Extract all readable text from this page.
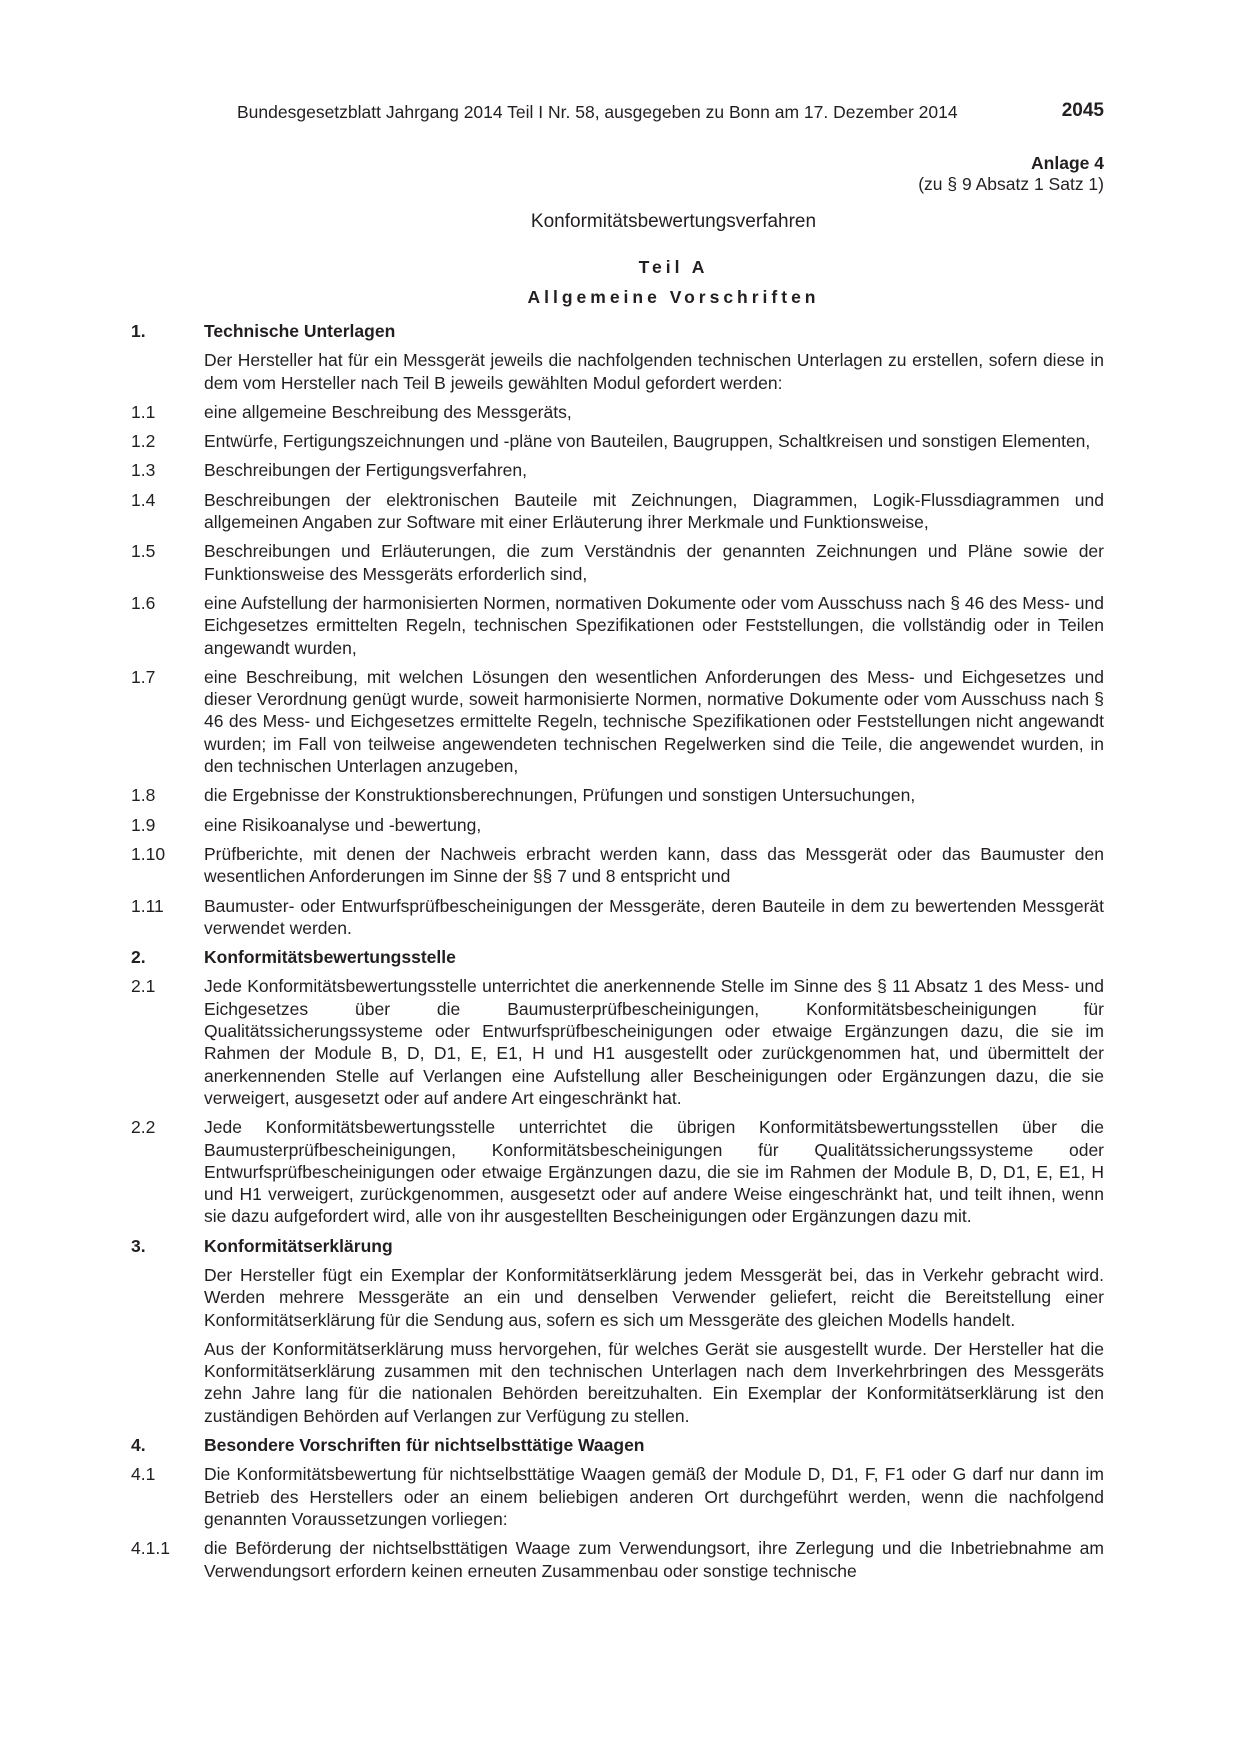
Bundesgesetzblatt Jahrgang 2014 Teil I Nr. 58, ausgegeben zu Bonn am 17. Dezember 2014	2045
Anlage 4
(zu § 9 Absatz 1 Satz 1)
Konformitätsbewertungsverfahren
Teil A
Allgemeine Vorschriften
1.	Technische Unterlagen
Der Hersteller hat für ein Messgerät jeweils die nachfolgenden technischen Unterlagen zu erstellen, sofern diese in dem vom Hersteller nach Teil B jeweils gewählten Modul gefordert werden:
1.1	eine allgemeine Beschreibung des Messgeräts,
1.2	Entwürfe, Fertigungszeichnungen und -pläne von Bauteilen, Baugruppen, Schaltkreisen und sonstigen Elementen,
1.3	Beschreibungen der Fertigungsverfahren,
1.4	Beschreibungen der elektronischen Bauteile mit Zeichnungen, Diagrammen, Logik-Flussdiagrammen und allgemeinen Angaben zur Software mit einer Erläuterung ihrer Merkmale und Funktionsweise,
1.5	Beschreibungen und Erläuterungen, die zum Verständnis der genannten Zeichnungen und Pläne sowie der Funktionsweise des Messgeräts erforderlich sind,
1.6	eine Aufstellung der harmonisierten Normen, normativen Dokumente oder vom Ausschuss nach § 46 des Mess- und Eichgesetzes ermittelten Regeln, technischen Spezifikationen oder Feststellungen, die vollständig oder in Teilen angewandt wurden,
1.7	eine Beschreibung, mit welchen Lösungen den wesentlichen Anforderungen des Mess- und Eichgesetzes und dieser Verordnung genügt wurde, soweit harmonisierte Normen, normative Dokumente oder vom Ausschuss nach § 46 des Mess- und Eichgesetzes ermittelte Regeln, technische Spezifikationen oder Feststellungen nicht angewandt wurden; im Fall von teilweise angewendeten technischen Regelwerken sind die Teile, die angewendet wurden, in den technischen Unterlagen anzugeben,
1.8	die Ergebnisse der Konstruktionsberechnungen, Prüfungen und sonstigen Untersuchungen,
1.9	eine Risikoanalyse und -bewertung,
1.10	Prüfberichte, mit denen der Nachweis erbracht werden kann, dass das Messgerät oder das Baumuster den wesentlichen Anforderungen im Sinne der §§ 7 und 8 entspricht und
1.11	Baumuster- oder Entwurfsprüfbescheinigungen der Messgeräte, deren Bauteile in dem zu bewertenden Messgerät verwendet werden.
2.	Konformitätsbewertungsstelle
2.1	Jede Konformitätsbewertungsstelle unterrichtet die anerkennende Stelle im Sinne des § 11 Absatz 1 des Mess- und Eichgesetzes über die Baumusterprüfbescheinigungen, Konformitätsbescheinigungen für Qualitätssicherungssysteme oder Entwurfsprüfbescheinigungen oder etwaige Ergänzungen dazu, die sie im Rahmen der Module B, D, D1, E, E1, H und H1 ausgestellt oder zurückgenommen hat, und übermittelt der anerkennenden Stelle auf Verlangen eine Aufstellung aller Bescheinigungen oder Ergänzungen dazu, die sie verweigert, ausgesetzt oder auf andere Art eingeschränkt hat.
2.2	Jede Konformitätsbewertungsstelle unterrichtet die übrigen Konformitätsbewertungsstellen über die Baumusterprüfbescheinigungen, Konformitätsbescheinigungen für Qualitätssicherungssysteme oder Entwurfsprüfbescheinigungen oder etwaige Ergänzungen dazu, die sie im Rahmen der Module B, D, D1, E, E1, H und H1 verweigert, zurückgenommen, ausgesetzt oder auf andere Weise eingeschränkt hat, und teilt ihnen, wenn sie dazu aufgefordert wird, alle von ihr ausgestellten Bescheinigungen oder Ergänzungen dazu mit.
3.	Konformitätserklärung
Der Hersteller fügt ein Exemplar der Konformitätserklärung jedem Messgerät bei, das in Verkehr gebracht wird. Werden mehrere Messgeräte an ein und denselben Verwender geliefert, reicht die Bereitstellung einer Konformitätserklärung für die Sendung aus, sofern es sich um Messgeräte des gleichen Modells handelt.
Aus der Konformitätserklärung muss hervorgehen, für welches Gerät sie ausgestellt wurde. Der Hersteller hat die Konformitätserklärung zusammen mit den technischen Unterlagen nach dem Inverkehrbringen des Messgeräts zehn Jahre lang für die nationalen Behörden bereitzuhalten. Ein Exemplar der Konformitätserklärung ist den zuständigen Behörden auf Verlangen zur Verfügung zu stellen.
4.	Besondere Vorschriften für nichtselbsttätige Waagen
4.1	Die Konformitätsbewertung für nichtselbsttätige Waagen gemäß der Module D, D1, F, F1 oder G darf nur dann im Betrieb des Herstellers oder an einem beliebigen anderen Ort durchgeführt werden, wenn die nachfolgend genannten Voraussetzungen vorliegen:
4.1.1	die Beförderung der nichtselbsttätigen Waage zum Verwendungsort, ihre Zerlegung und die Inbetriebnahme am Verwendungsort erfordern keinen erneuten Zusammenbau oder sonstige technische
